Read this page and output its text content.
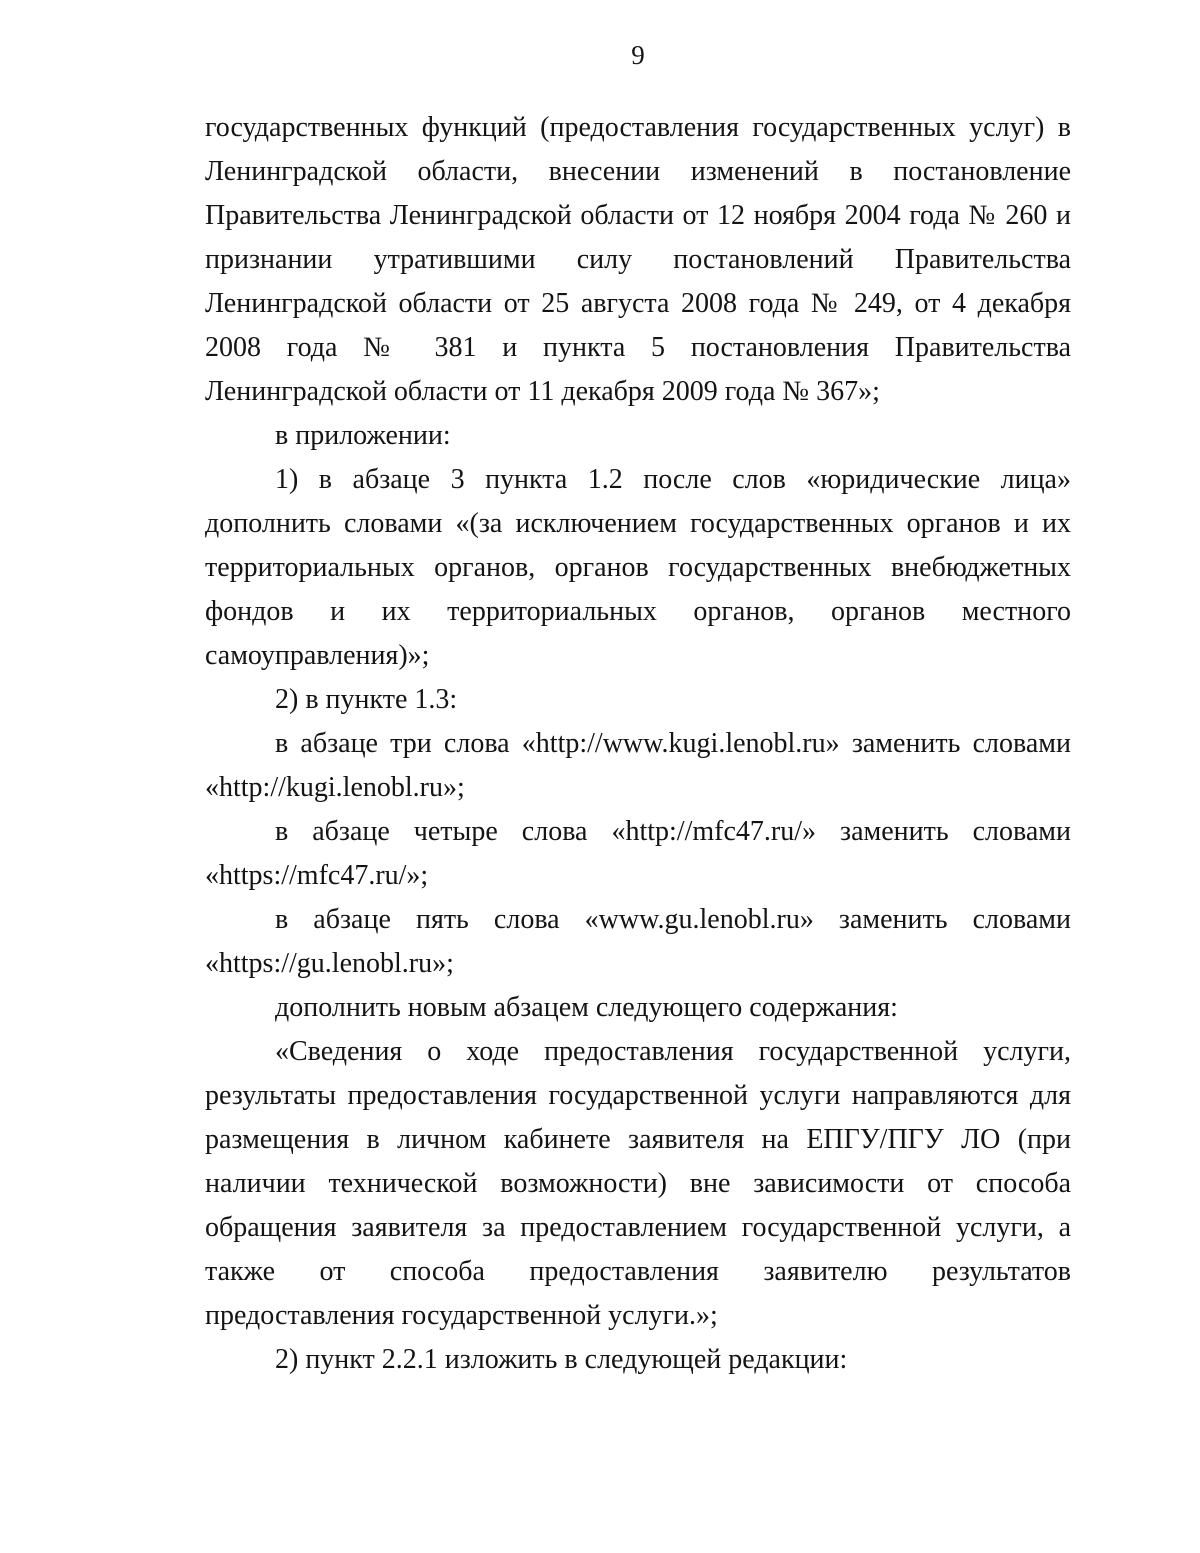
9

государственных функций (предоставления государственных услуг) в Ленинградской области, внесении изменений в постановление Правительства Ленинградской области от 12 ноября 2004 года № 260 и признании утратившими силу постановлений Правительства Ленинградской области от 25 августа 2008 года № 249, от 4 декабря 2008 года № 381 и пункта 5 постановления Правительства Ленинградской области от 11 декабря 2009 года № 367»;

в приложении:

1) в абзаце 3 пункта 1.2 после слов «юридические лица» дополнить словами «(за исключением государственных органов и их территориальных органов, органов государственных внебюджетных фондов и их территориальных органов, органов местного самоуправления)»;

2) в пункте 1.3:

в абзаце три слова «http://www.kugi.lenobl.ru» заменить словами «http://kugi.lenobl.ru»;

в абзаце четыре слова «http://mfc47.ru/» заменить словами «https://mfc47.ru/»;

в абзаце пять слова «www.gu.lenobl.ru» заменить словами «https://gu.lenobl.ru»;

дополнить новым абзацем следующего содержания:

«Сведения о ходе предоставления государственной услуги, результаты предоставления государственной услуги направляются для размещения в личном кабинете заявителя на ЕПГУ/ПГУ ЛО (при наличии технической возможности) вне зависимости от способа обращения заявителя за предоставлением государственной услуги, а также от способа предоставления заявителю результатов предоставления государственной услуги.»;

2) пункт 2.2.1 изложить в следующей редакции:
